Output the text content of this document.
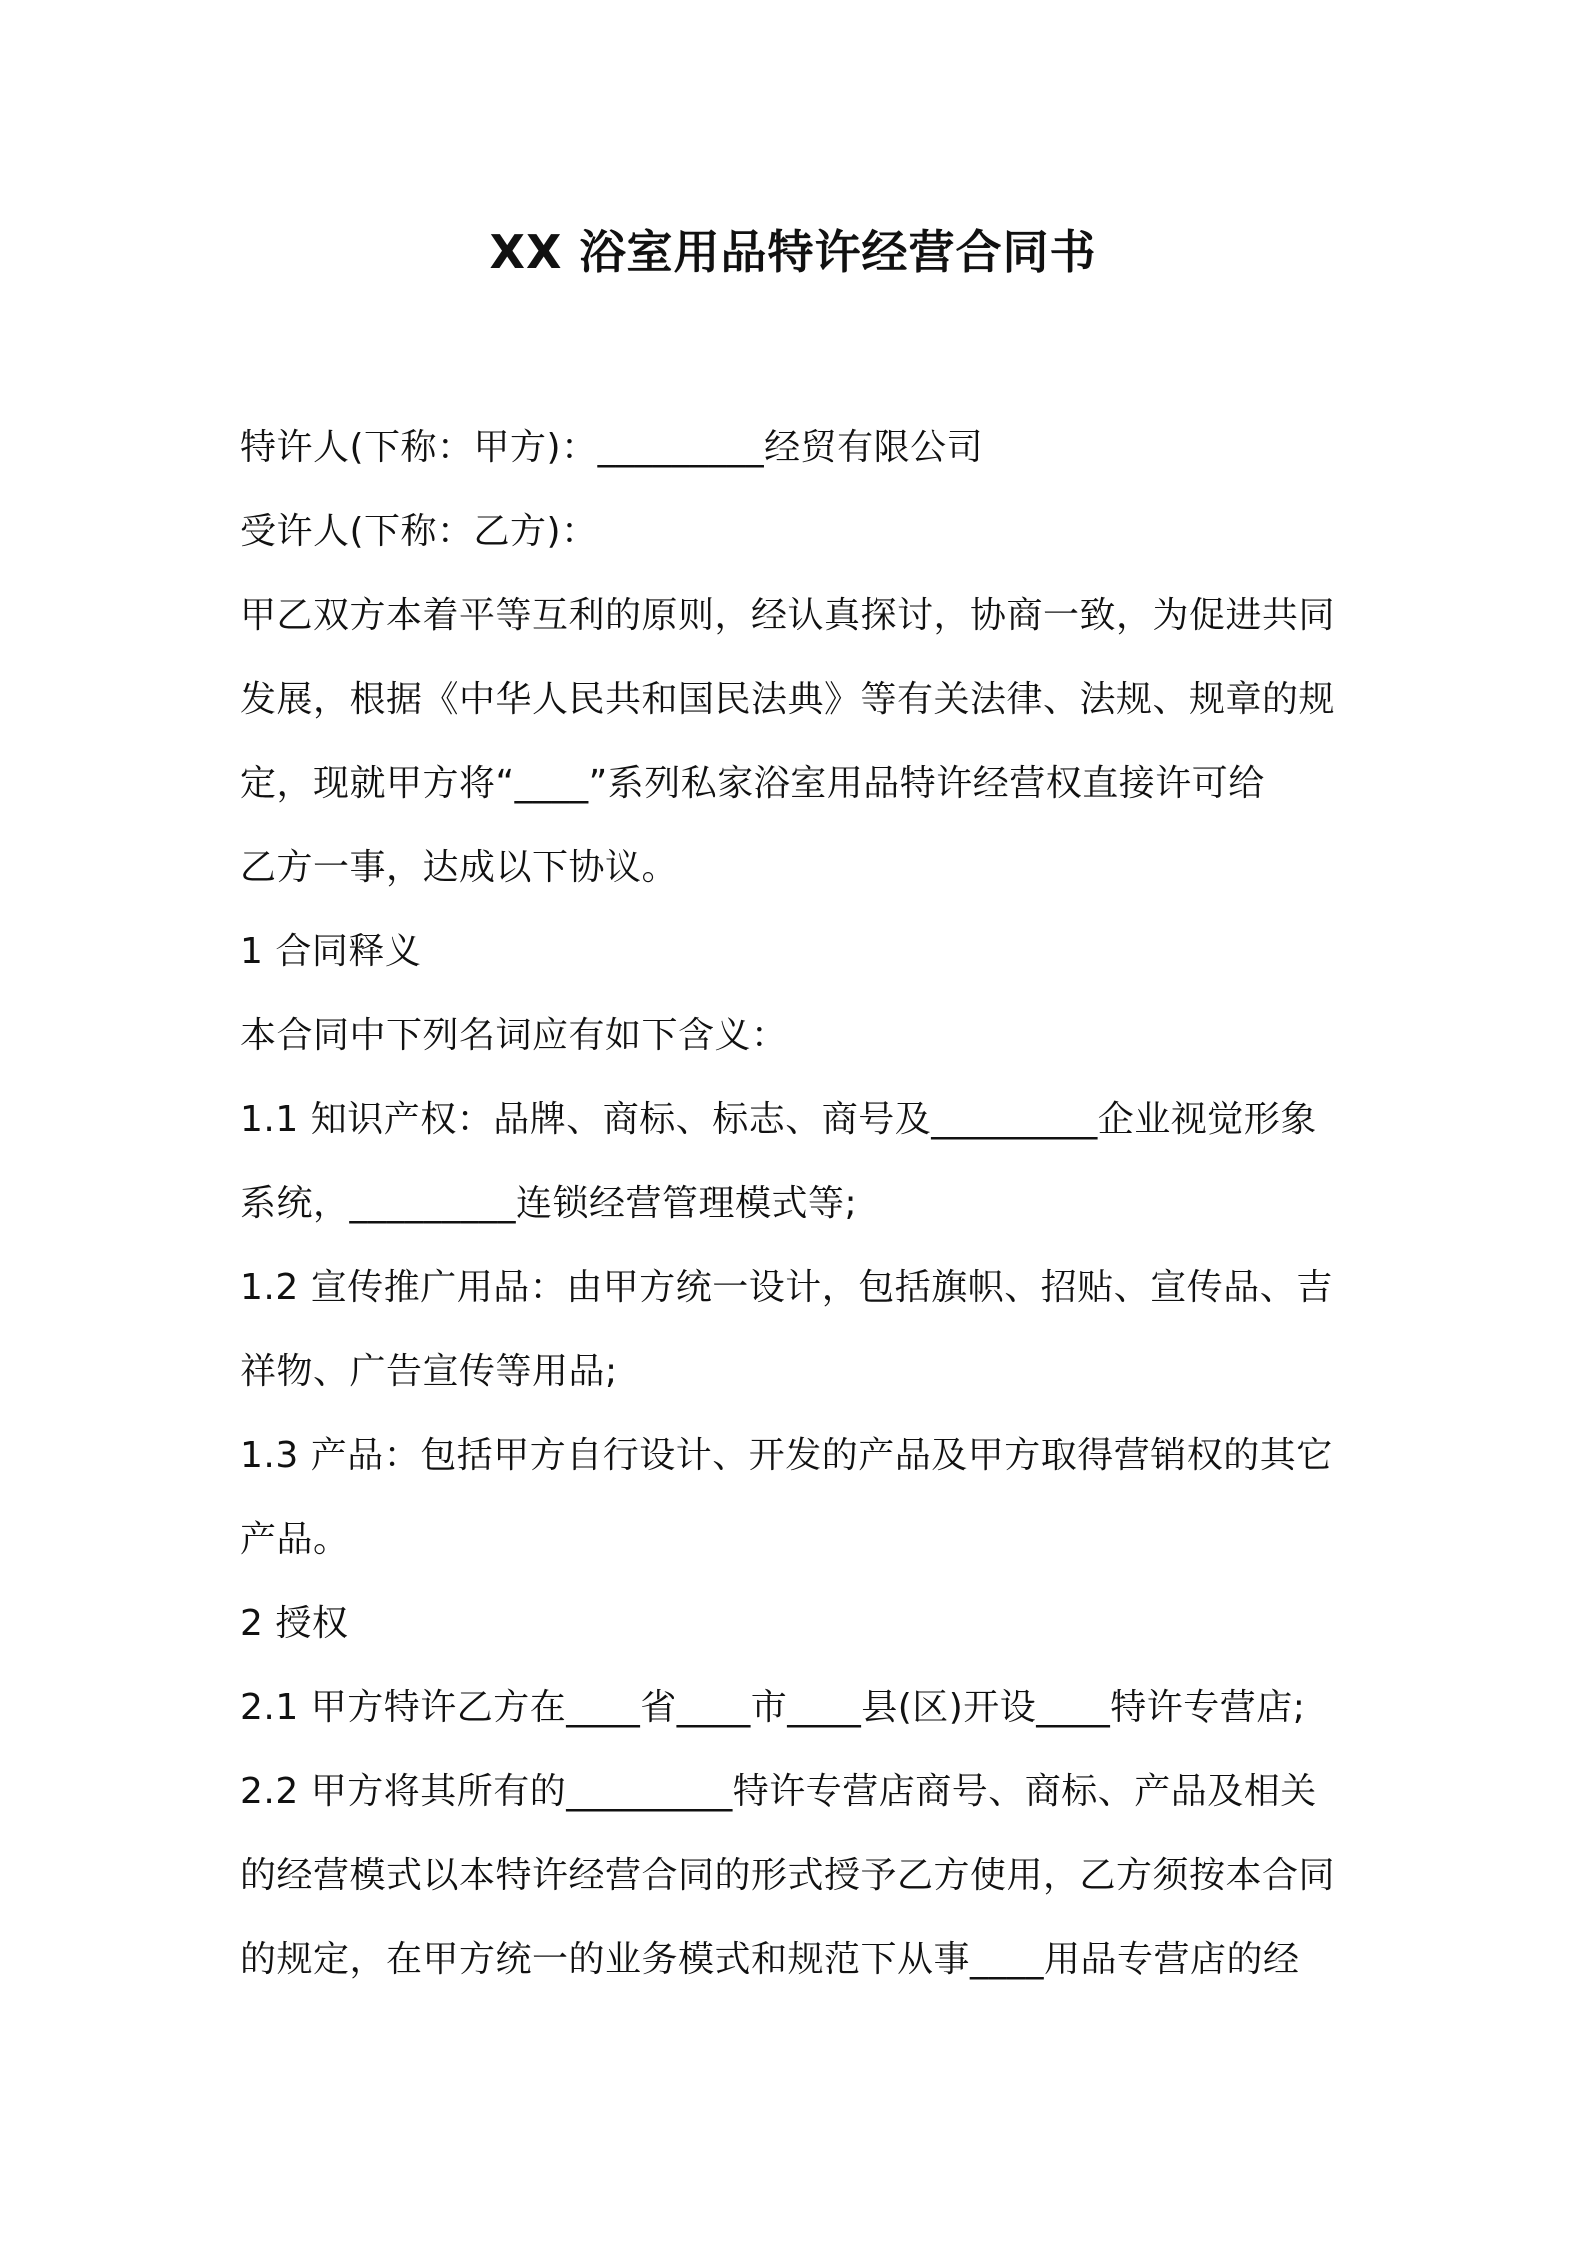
XX 浴室用品特许经营合同书
特许人(下称：甲方)：_________经贸有限公司
受许人(下称：乙方)：
甲乙双方本着平等互利的原则，经认真探讨，协商一致，为促进共同
发展，根据《中华人民共和国民法典》等有关法律、法规、规章的规
定，现就甲方将“____”系列私家浴室用品特许经营权直接许可给
乙方一事，达成以下协议。
1 合同释义
本合同中下列名词应有如下含义：
1.1 知识产权：品牌、商标、标志、商号及_________企业视觉形象
系统，_________连锁经营管理模式等;
1.2 宣传推广用品：由甲方统一设计，包括旗帜、招贴、宣传品、吉
祥物、广告宣传等用品;
1.3 产品：包括甲方自行设计、开发的产品及甲方取得营销权的其它
产品。
2 授权
2.1 甲方特许乙方在____省____市____县(区)开设____特许专营店;
2.2 甲方将其所有的_________特许专营店商号、商标、产品及相关
的经营模式以本特许经营合同的形式授予乙方使用，乙方须按本合同
的规定，在甲方统一的业务模式和规范下从事____用品专营店的经
